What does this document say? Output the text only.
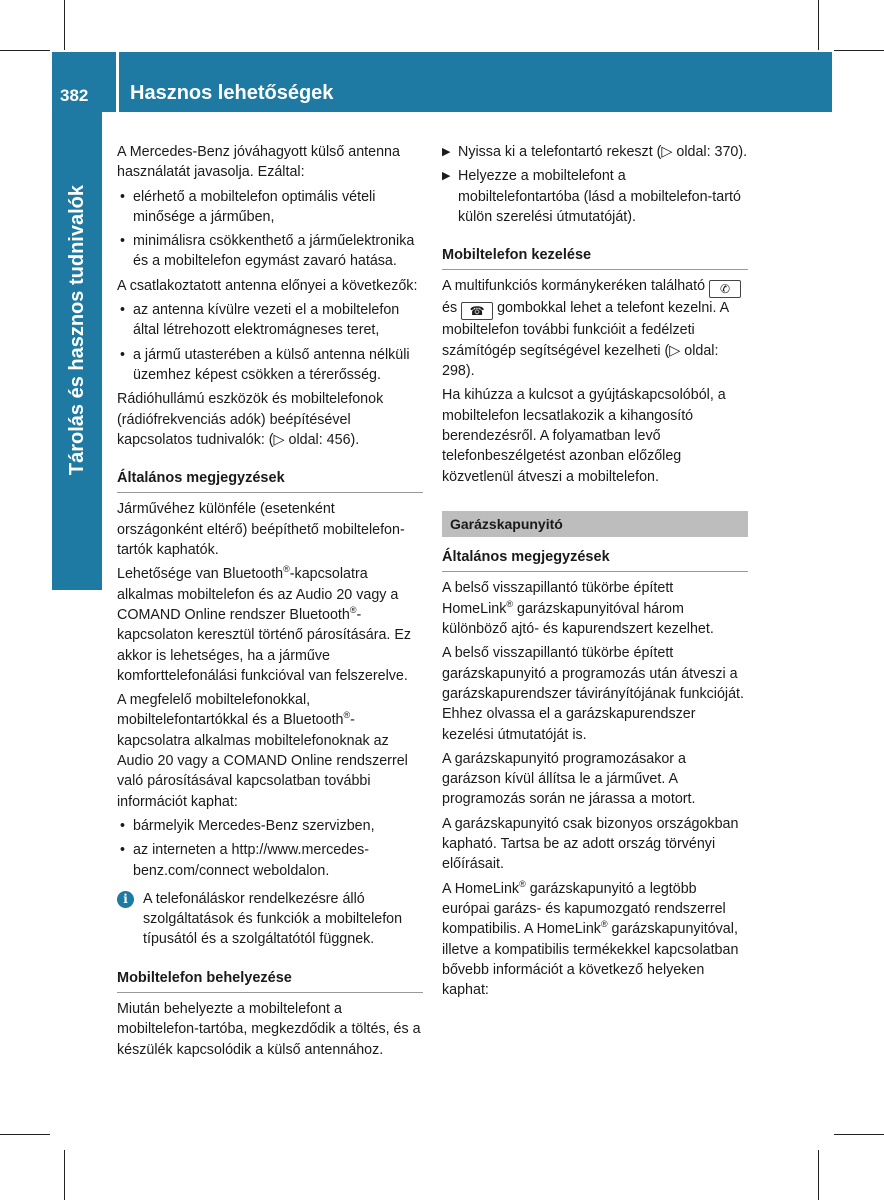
382 Hasznos lehetőségek
Tárolás és hasznos tudnivalók

A Mercedes-Benz jóváhagyott külső antenna használatát javasolja. Ezáltal:

• elérhető a mobiltelefon optimális vételi minősége a járműben,
• minimálisra csökkenthető a járműelektronika és a mobiltelefon egymást zavaró hatása.

A csatlakoztatott antenna előnyei a következők:

• az antenna kívülre vezeti el a mobiltelefon által létrehozott elektromágneses teret,
• a jármű utasterében a külső antenna nélküli üzemhez képest csökken a térerősség.

Rádióhullámú eszközök és mobiltelefonok (rádiófrekvenciás adók) beépítésével kapcsolatos tudnivalók: (▷ oldal: 456).

Általános megjegyzések

Járművéhez különféle (esetenként országonként eltérő) beépíthető mobiltelefon-tartók kaphatók.

Lehetősége van Bluetooth®-kapcsolatra alkalmas mobiltelefon és az Audio 20 vagy a COMAND Online rendszer Bluetooth®-kapcsolaton keresztül történő párosítására. Ez akkor is lehetséges, ha a járműve komforttelefonálási funkcióval van felszerelve.

A megfelelő mobiltelefonokkal, mobiltelefontartókkal és a Bluetooth®-kapcsolatra alkalmas mobiltelefonoknak az Audio 20 vagy a COMAND Online rendszerrel való párosításával kapcsolatban további információt kaphat:

• bármelyik Mercedes-Benz szervizben,
• az interneten a http://www.mercedes-benz.com/connect weboldalon.
i	A telefonáláskor rendelkezésre álló szolgáltatások és funkciók a mobiltelefon típusától és a szolgáltatótól függnek.
Mobiltelefon behelyezése

Miután behelyezte a mobiltelefont a mobiltelefon-tartóba, megkezdődik a töltés, és a készülék kapcsolódik a külső antennához.

▶ Nyissa ki a telefontartó rekeszt (▷ oldal: 370).
▶ Helyezze a mobiltelefont a mobiltelefontartóba (lásd a mobiltelefon-tartó külön szerelési útmutatóját).
Mobiltelefon kezelése

A multifunkciós kormánykeréken található ✆ és ☎ gombokkal lehet a telefont kezelni. A mobiltelefon további funkcióit a fedélzeti számítógép segítségével kezelheti (▷ oldal: 298).

Ha kihúzza a kulcsot a gyújtáskapcsolóból, a mobiltelefon lecsatlakozik a kihangosító berendezésről. A folyamatban levő telefonbeszélgetést azonban előzőleg közvetlenül átveszi a mobiltelefon.

Garázskapunyitó
Általános megjegyzések

A belső visszapillantó tükörbe épített HomeLink® garázskapunyitóval három különböző ajtó- és kapurendszert kezelhet.

A belső visszapillantó tükörbe épített garázskapunyitó a programozás után átveszi a garázskapurendszer távirányítójának funkcióját. Ehhez olvassa el a garázskapurendszer kezelési útmutatóját is.

A garázskapunyitó programozásakor a garázson kívül állítsa le a járművet. A programozás során ne járassa a motort.

A garázskapunyitó csak bizonyos országokban kapható. Tartsa be az adott ország törvényi előírásait.

A HomeLink® garázskapunyitó a legtöbb európai garázs- és kapumozgató rendszerrel kompatibilis. A HomeLink® garázskapunyitóval, illetve a kompatibilis termékekkel kapcsolatban bővebb információt a következő helyeken kaphat:
